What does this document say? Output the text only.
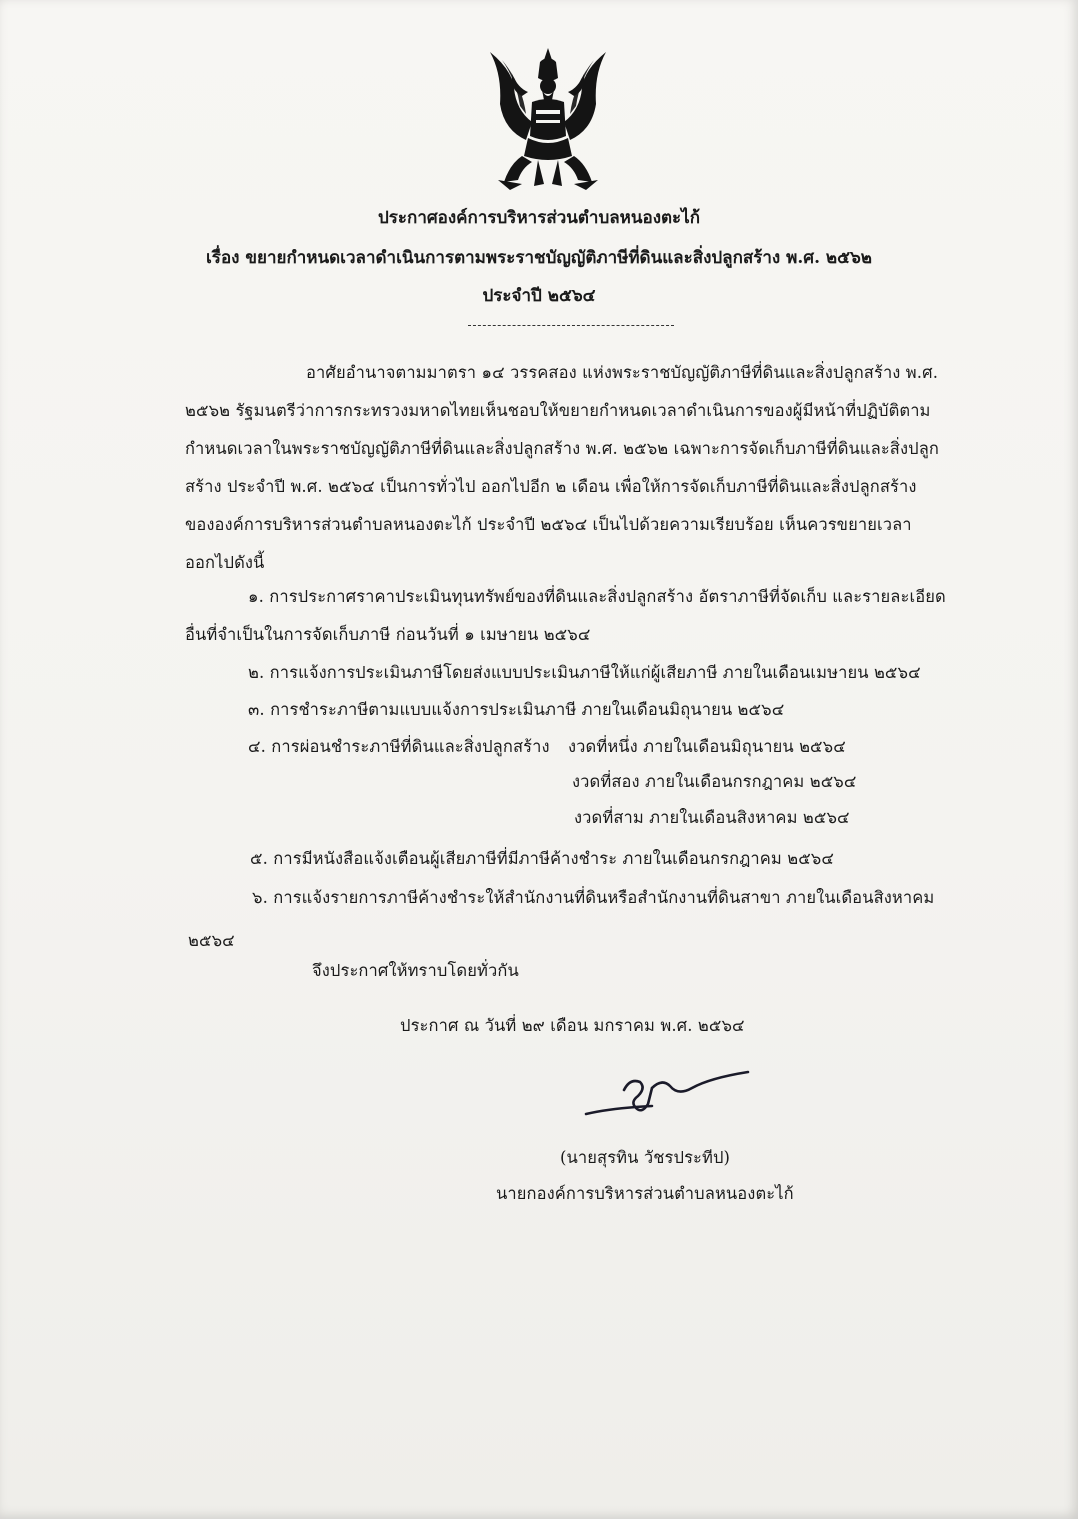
ประกาศองค์การบริหารส่วนตำบลหนองตะไก้
เรื่อง ขยายกำหนดเวลาดำเนินการตามพระราชบัญญัติภาษีที่ดินและสิ่งปลูกสร้าง พ.ศ. ๒๕๖๒
ประจำปี ๒๕๖๔
อาศัยอำนาจตามมาตรา ๑๔ วรรคสอง แห่งพระราชบัญญัติภาษีที่ดินและสิ่งปลูกสร้าง พ.ศ.
๒๕๖๒ รัฐมนตรีว่าการกระทรวงมหาดไทยเห็นชอบให้ขยายกำหนดเวลาดำเนินการของผู้มีหน้าที่ปฏิบัติตาม
กำหนดเวลาในพระราชบัญญัติภาษีที่ดินและสิ่งปลูกสร้าง พ.ศ. ๒๕๖๒ เฉพาะการจัดเก็บภาษีที่ดินและสิ่งปลูก
สร้าง ประจำปี พ.ศ. ๒๕๖๔ เป็นการทั่วไป ออกไปอีก ๒ เดือน เพื่อให้การจัดเก็บภาษีที่ดินและสิ่งปลูกสร้าง
ขององค์การบริหารส่วนตำบลหนองตะไก้ ประจำปี ๒๕๖๔ เป็นไปด้วยความเรียบร้อย เห็นควรขยายเวลา
ออกไปดังนี้
๑. การประกาศราคาประเมินทุนทรัพย์ของที่ดินและสิ่งปลูกสร้าง อัตราภาษีที่จัดเก็บ และรายละเอียด
อื่นที่จำเป็นในการจัดเก็บภาษี ก่อนวันที่ ๑ เมษายน ๒๕๖๔
๒. การแจ้งการประเมินภาษีโดยส่งแบบประเมินภาษีให้แก่ผู้เสียภาษี ภายในเดือนเมษายน ๒๕๖๔
๓. การชำระภาษีตามแบบแจ้งการประเมินภาษี ภายในเดือนมิถุนายน ๒๕๖๔
๔. การผ่อนชำระภาษีที่ดินและสิ่งปลูกสร้าง งวดที่หนึ่ง ภายในเดือนมิถุนายน ๒๕๖๔
งวดที่สอง ภายในเดือนกรกฎาคม ๒๕๖๔
งวดที่สาม ภายในเดือนสิงหาคม ๒๕๖๔
๕. การมีหนังสือแจ้งเตือนผู้เสียภาษีที่มีภาษีค้างชำระ ภายในเดือนกรกฎาคม ๒๕๖๔
๖. การแจ้งรายการภาษีค้างชำระให้สำนักงานที่ดินหรือสำนักงานที่ดินสาขา ภายในเดือนสิงหาคม
๒๕๖๔
จึงประกาศให้ทราบโดยทั่วกัน
ประกาศ ณ วันที่ ๒๙ เดือน มกราคม พ.ศ. ๒๕๖๔
(นายสุรทิน วัชรประทีป)
นายกองค์การบริหารส่วนตำบลหนองตะไก้
